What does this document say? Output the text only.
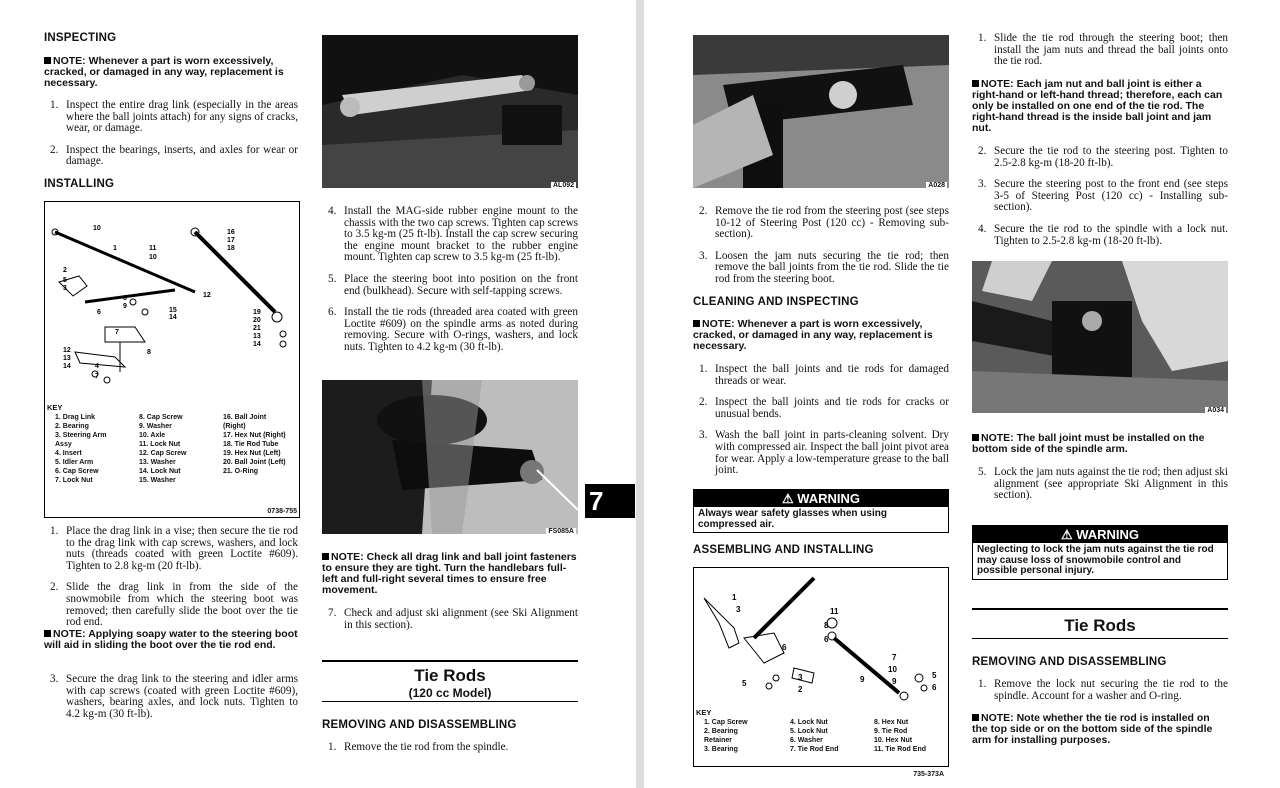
INSPECTING
NOTE: Whenever a part is worn excessively, cracked, or damaged in any way, replacement is necessary.
1. Inspect the entire drag link (especially in the areas where the ball joints attach) for any signs of cracks, wear, or damage.
2. Inspect the bearings, inserts, and axles for wear or damage.
INSTALLING
10
1	11
10
2
5
3
8
9
6
16
17
18
12
15
14
19
20
21
13
14
7
8
12
13
14	4
7
KEY
1. Drag Link
2. Bearing
3. Steering Arm
Assy
4. Insert
5. Idler Arm
6. Cap Screw
7. Lock Nut
8. Cap Screw
9. Washer
10. Axle
11. Lock Nut
12. Cap Screw
13. Washer
14. Lock Nut
15. Washer
16. Ball Joint
(Right)
17. Hex Nut (Right)
18. Tie Rod Tube
19. Hex Nut (Left)
20. Ball Joint (Left)
21. O-Ring
0738-755
1. Place the drag link in a vise; then secure the tie rod to the drag link with cap screws, washers, and lock nuts (threads coated with green Loctite #609). Tighten to 2.8 kg-m (20 ft-lb).
2. Slide the drag link in from the side of the snowmobile from which the steering boot was removed; then carefully slide the boot over the tie rod end.
NOTE: Applying soapy water to the steering boot will aid in sliding the boot over the tie rod end.
3. Secure the drag link to the steering and idler arms with cap screws (coated with green Loctite #609), washers, bearing axles, and lock nuts. Tighten to 4.2 kg-m (30 ft-lb).
AL092
4. Install the MAG-side rubber engine mount to the chassis with the two cap screws. Tighten cap screws to 3.5 kg-m (25 ft-lb). Install the cap screw securing the engine mount bracket to the rubber engine mount. Tighten cap screw to 3.5 kg-m (25 ft-lb).
5. Place the steering boot into position on the front end (bulkhead). Secure with self-tapping screws.
6. Install the tie rods (threaded area coated with green Loctite #609) on the spindle arms as noted during removing. Secure with O-rings, washers, and lock nuts. Tighten to 4.2 kg-m (30 ft-lb).
FS085A
NOTE: Check all drag link and ball joint fasteners to ensure they are tight. Turn the handlebars full-left and full-right several times to ensure free movement.
7. Check and adjust ski alignment (see Ski Alignment in this section).
Tie Rods
(120 cc Model)
REMOVING AND DISASSEMBLING
1. Remove the tie rod from the spindle.
7
A028
2. Remove the tie rod from the steering post (see steps 10-12 of Steering Post (120 cc) - Removing sub-section).
3. Loosen the jam nuts securing the tie rod; then remove the ball joints from the tie rod. Slide the tie rod from the steering boot.
CLEANING AND INSPECTING
NOTE: Whenever a part is worn excessively, cracked, or damaged in any way, replacement is necessary.
1. Inspect the ball joints and tie rods for damaged threads or wear.
2. Inspect the ball joints and tie rods for cracks or unusual bends.
3. Wash the ball joint in parts-cleaning solvent. Dry with compressed air. Inspect the ball joint pivot area for wear. Apply a low-temperature grease to the ball joint.
⚠ WARNING
Always wear safety glasses when using compressed air.
ASSEMBLING AND INSTALLING
1
3
6
11
8
6
5
3
2
7
10
9
9	5
6
KEY
1. Cap Screw
2. Bearing
Retainer
3. Bearing
4. Lock Nut
5. Lock Nut
6. Washer
7. Tie Rod End
8. Hex Nut
9. Tie Rod
10. Hex Nut
11. Tie Rod End
735-373A
1. Slide the tie rod through the steering boot; then install the jam nuts and thread the ball joints onto the tie rod.
NOTE: Each jam nut and ball joint is either a right-hand or left-hand thread; therefore, each can only be installed on one end of the tie rod. The right-hand thread is the inside ball joint and jam nut.
2. Secure the tie rod to the steering post. Tighten to 2.5-2.8 kg-m (18-20 ft-lb).
3. Secure the steering post to the front end (see steps 3-5 of Steering Post (120 cc) - Installing sub-section).
4. Secure the tie rod to the spindle with a lock nut. Tighten to 2.5-2.8 kg-m (18-20 ft-lb).
A034
NOTE: The ball joint must be installed on the bottom side of the spindle arm.
5. Lock the jam nuts against the tie rod; then adjust ski alignment (see appropriate Ski Alignment in this section).
⚠ WARNING
Neglecting to lock the jam nuts against the tie rod may cause loss of snowmobile control and possible personal injury.
Tie Rods
REMOVING AND DISASSEMBLING
1. Remove the lock nut securing the tie rod to the spindle. Account for a washer and O-ring.
NOTE: Note whether the tie rod is installed on the top side or on the bottom side of the spindle arm for installing purposes.
